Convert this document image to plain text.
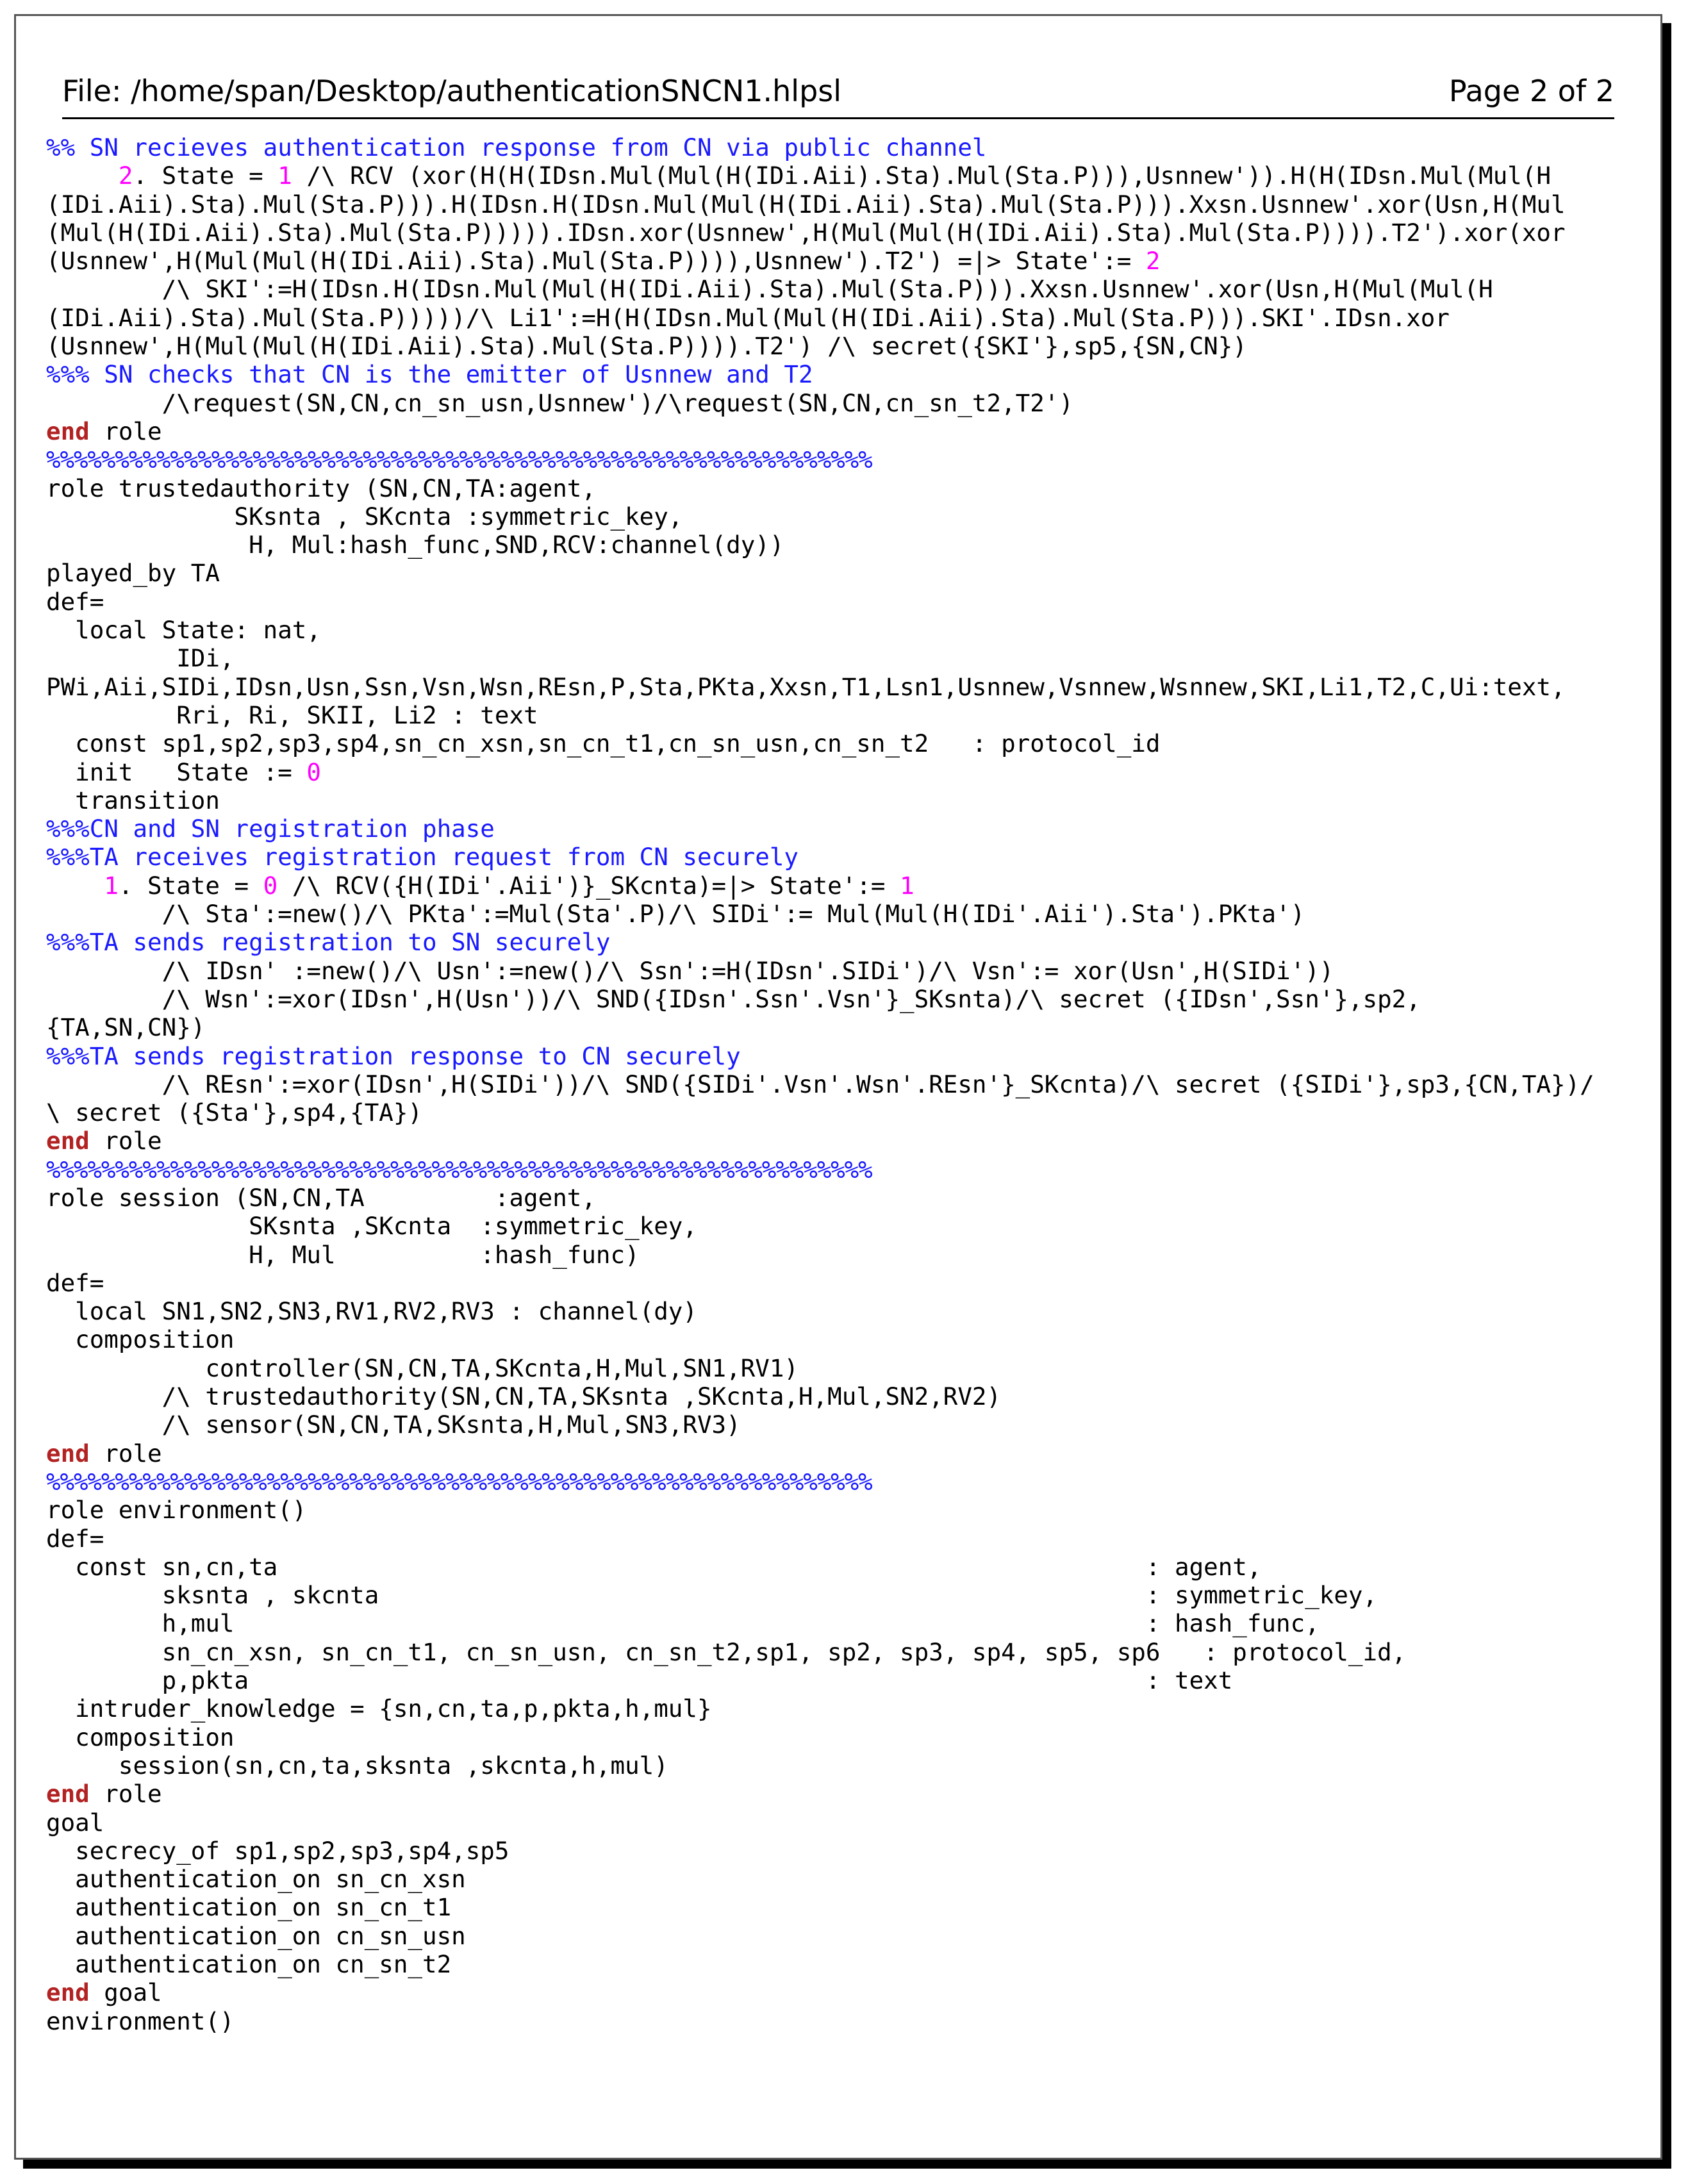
File: /home/span/Desktop/authenticationSNCN1.hlpsl	Page 2 of 2
%% SN recieves authentication response from CN via public channel
2. State = 1 /\ RCV (xor(H(H(IDsn.Mul(Mul(H(IDi.Aii).Sta).Mul(Sta.P))),Usnnew')).H(H(IDsn.Mul(Mul(H
(IDi.Aii).Sta).Mul(Sta.P))).H(IDsn.H(IDsn.Mul(Mul(H(IDi.Aii).Sta).Mul(Sta.P))).Xxsn.Usnnew'.xor(Usn,H(Mul
(Mul(H(IDi.Aii).Sta).Mul(Sta.P))))).IDsn.xor(Usnnew',H(Mul(Mul(H(IDi.Aii).Sta).Mul(Sta.P)))).T2').xor(xor
(Usnnew',H(Mul(Mul(H(IDi.Aii).Sta).Mul(Sta.P)))),Usnnew').T2') =|> State':= 2
/\ SKI':=H(IDsn.H(IDsn.Mul(Mul(H(IDi.Aii).Sta).Mul(Sta.P))).Xxsn.Usnnew'.xor(Usn,H(Mul(Mul(H
(IDi.Aii).Sta).Mul(Sta.P)))))/\ Li1':=H(H(IDsn.Mul(Mul(H(IDi.Aii).Sta).Mul(Sta.P))).SKI'.IDsn.xor
(Usnnew',H(Mul(Mul(H(IDi.Aii).Sta).Mul(Sta.P)))).T2') /\ secret({SKI'},sp5,{SN,CN})
%%% SN checks that CN is the emitter of Usnnew and T2
/\request(SN,CN,cn_sn_usn,Usnnew')/\request(SN,CN,cn_sn_t2,T2')
end role
%%%%%%%%%%%%%%%%%%%%%%%%%%%%%%%%%%%%%%%%%%%%%%%%%%%%%%%%%%%%
role trustedauthority (SN,CN,TA:agent,
SKsnta , SKcnta :symmetric_key,
H, Mul:hash_func,SND,RCV:channel(dy))
played_by TA
def=
local State: nat,
IDi,
PWi,Aii,SIDi,IDsn,Usn,Ssn,Vsn,Wsn,REsn,P,Sta,PKta,Xxsn,T1,Lsn1,Usnnew,Vsnnew,Wsnnew,SKI,Li1,T2,C,Ui:text,
Rri, Ri, SKII, Li2 : text
const sp1,sp2,sp3,sp4,sn_cn_xsn,sn_cn_t1,cn_sn_usn,cn_sn_t2   : protocol_id
init   State := 0
transition
%%%CN and SN registration phase
%%%TA receives registration request from CN securely
1. State = 0 /\ RCV({H(IDi'.Aii')}_SKcnta)=|> State':= 1
/\ Sta':=new()/\ PKta':=Mul(Sta'.P)/\ SIDi':= Mul(Mul(H(IDi'.Aii').Sta').PKta')
%%%TA sends registration to SN securely
/\ IDsn' :=new()/\ Usn':=new()/\ Ssn':=H(IDsn'.SIDi')/\ Vsn':= xor(Usn',H(SIDi'))
/\ Wsn':=xor(IDsn',H(Usn'))/\ SND({IDsn'.Ssn'.Vsn'}_SKsnta)/\ secret ({IDsn',Ssn'},sp2,
{TA,SN,CN})
%%%TA sends registration response to CN securely
/\ REsn':=xor(IDsn',H(SIDi'))/\ SND({SIDi'.Vsn'.Wsn'.REsn'}_SKcnta)/\ secret ({SIDi'},sp3,{CN,TA})/
\ secret ({Sta'},sp4,{TA})
end role
%%%%%%%%%%%%%%%%%%%%%%%%%%%%%%%%%%%%%%%%%%%%%%%%%%%%%%%%%%%%
role session (SN,CN,TA         :agent,
SKsnta ,SKcnta  :symmetric_key,
H, Mul          :hash_func)
def=
local SN1,SN2,SN3,RV1,RV2,RV3 : channel(dy)
composition
controller(SN,CN,TA,SKcnta,H,Mul,SN1,RV1)
/\ trustedauthority(SN,CN,TA,SKsnta ,SKcnta,H,Mul,SN2,RV2)
/\ sensor(SN,CN,TA,SKsnta,H,Mul,SN3,RV3)
end role
%%%%%%%%%%%%%%%%%%%%%%%%%%%%%%%%%%%%%%%%%%%%%%%%%%%%%%%%%%%%
role environment()
def=
const sn,cn,ta                                                            : agent,
sksnta , skcnta                                                     : symmetric_key,
h,mul                                                               : hash_func,
sn_cn_xsn, sn_cn_t1, cn_sn_usn, cn_sn_t2,sp1, sp2, sp3, sp4, sp5, sp6   : protocol_id,
p,pkta                                                              : text
intruder_knowledge = {sn,cn,ta,p,pkta,h,mul}
composition
session(sn,cn,ta,sksnta ,skcnta,h,mul)
end role
goal
secrecy_of sp1,sp2,sp3,sp4,sp5
authentication_on sn_cn_xsn
authentication_on sn_cn_t1
authentication_on cn_sn_usn
authentication_on cn_sn_t2
end goal
environment()
